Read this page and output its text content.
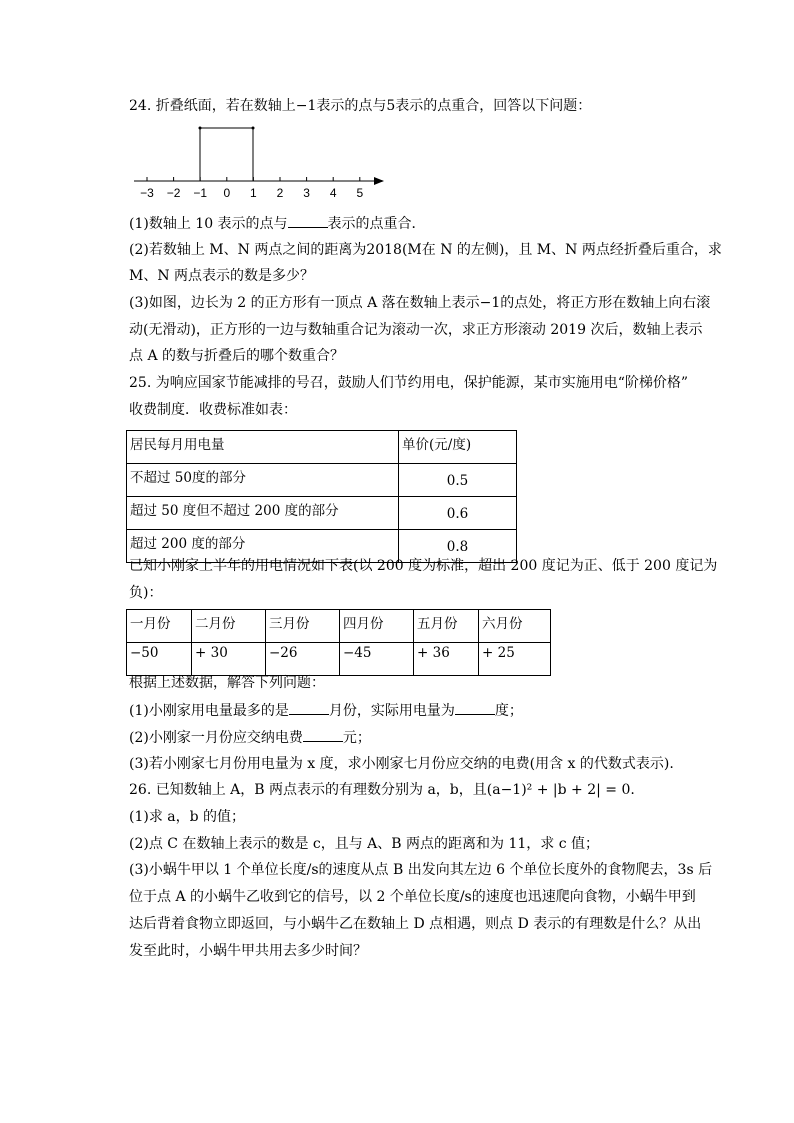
24. 折叠纸面，若在数轴上−1表示的点与5表示的点重合，回答以下问题：
−3 −2 −1 0 1 2 3 4 5
(1)数轴上 10 表示的点与	表示的点重合．
(2)若数轴上 M、N 两点之间的距离为2018(M在 N 的左侧)，且 M、N 两点经折叠后重合，求
M、N 两点表示的数是多少？
(3)如图，边长为 2 的正方形有一顶点 A 落在数轴上表示−1的点处，将正方形在数轴上向右滚
动(无滑动)，正方形的一边与数轴重合记为滚动一次，求正方形滚动 2019 次后，数轴上表示
点 A 的数与折叠后的哪个数重合？
25. 为响应国家节能减排的号召，鼓励人们节约用电，保护能源，某市实施用电“阶梯价格”
收费制度．收费标准如表：
居民每月用电量	单价(元/度)
不超过 50度的部分	0.5
超过 50 度但不超过 200 度的部分	0.6
超过 200 度的部分	0.8
已知小刚家上半年的用电情况如下表(以 200 度为标准，超出 200 度记为正、低于 200 度记为
负)：
一月份	二月份	三月份	四月份	五月份	六月份
−50	+ 30	−26	−45	+ 36	+ 25
根据上述数据，解答下列问题：
(1)小刚家用电量最多的是	月份，实际用电量为	度；
(2)小刚家一月份应交纳电费	元；
(3)若小刚家七月份用电量为 x 度，求小刚家七月份应交纳的电费(用含 x 的代数式表示).
26. 已知数轴上 A，B 两点表示的有理数分别为 a，b，且(a−1)² + |b + 2| = 0.
(1)求 a，b 的值；
(2)点 C 在数轴上表示的数是 c，且与 A、B 两点的距离和为 11，求 c 值；
(3)小蜗牛甲以 1 个单位长度/s的速度从点 B 出发向其左边 6 个单位长度外的食物爬去，3s 后
位于点 A 的小蜗牛乙收到它的信号，以 2 个单位长度/s的速度也迅速爬向食物，小蜗牛甲到
达后背着食物立即返回，与小蜗牛乙在数轴上 D 点相遇，则点 D 表示的有理数是什么？从出
发至此时，小蜗牛甲共用去多少时间？
